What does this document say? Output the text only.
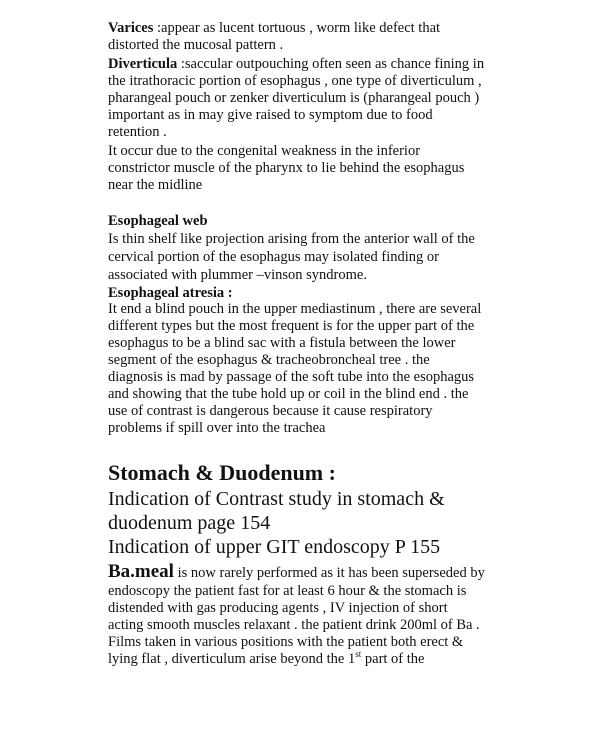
Varices :appear as lucent tortuous , worm like defect that
distorted the mucosal pattern .
Diverticula :saccular outpouching often seen as chance fining in
the itrathoracic portion of esophagus , one type of diverticulum ,
pharangeal pouch or zenker diverticulum is (pharangeal pouch )
important as in may give raised to symptom due to food
retention .
It occur due to the congenital weakness in the inferior
constrictor muscle of the pharynx to lie behind the esophagus
near the midline
Esophageal web
Is thin shelf like projection arising from the anterior wall of the
cervical portion of the esophagus may isolated finding or
associated with plummer –vinson syndrome.
Esophageal atresia :
It end a blind pouch in the upper mediastinum , there are several
different types but the most frequent is for the upper part of the
esophagus to be a blind sac with a fistula between the lower
segment of the esophagus & tracheobroncheal tree . the
diagnosis is mad by passage of the soft tube into the esophagus
and showing that the tube hold up or coil in the blind end . the
use of contrast is dangerous because it cause respiratory
problems if spill over into the trachea
Stomach & Duodenum :
Indication of Contrast study in stomach &
duodenum page 154
Indication of upper GIT endoscopy P 155
Ba.meal is now rarely performed as it has been superseded by
endoscopy the patient fast for at least 6 hour & the stomach is
distended with gas producing agents , IV injection of short
acting smooth muscles relaxant . the patient drink 200ml of Ba .
Films taken in various positions with the patient both erect &
lying flat , diverticulum arise beyond the 1st part of the
